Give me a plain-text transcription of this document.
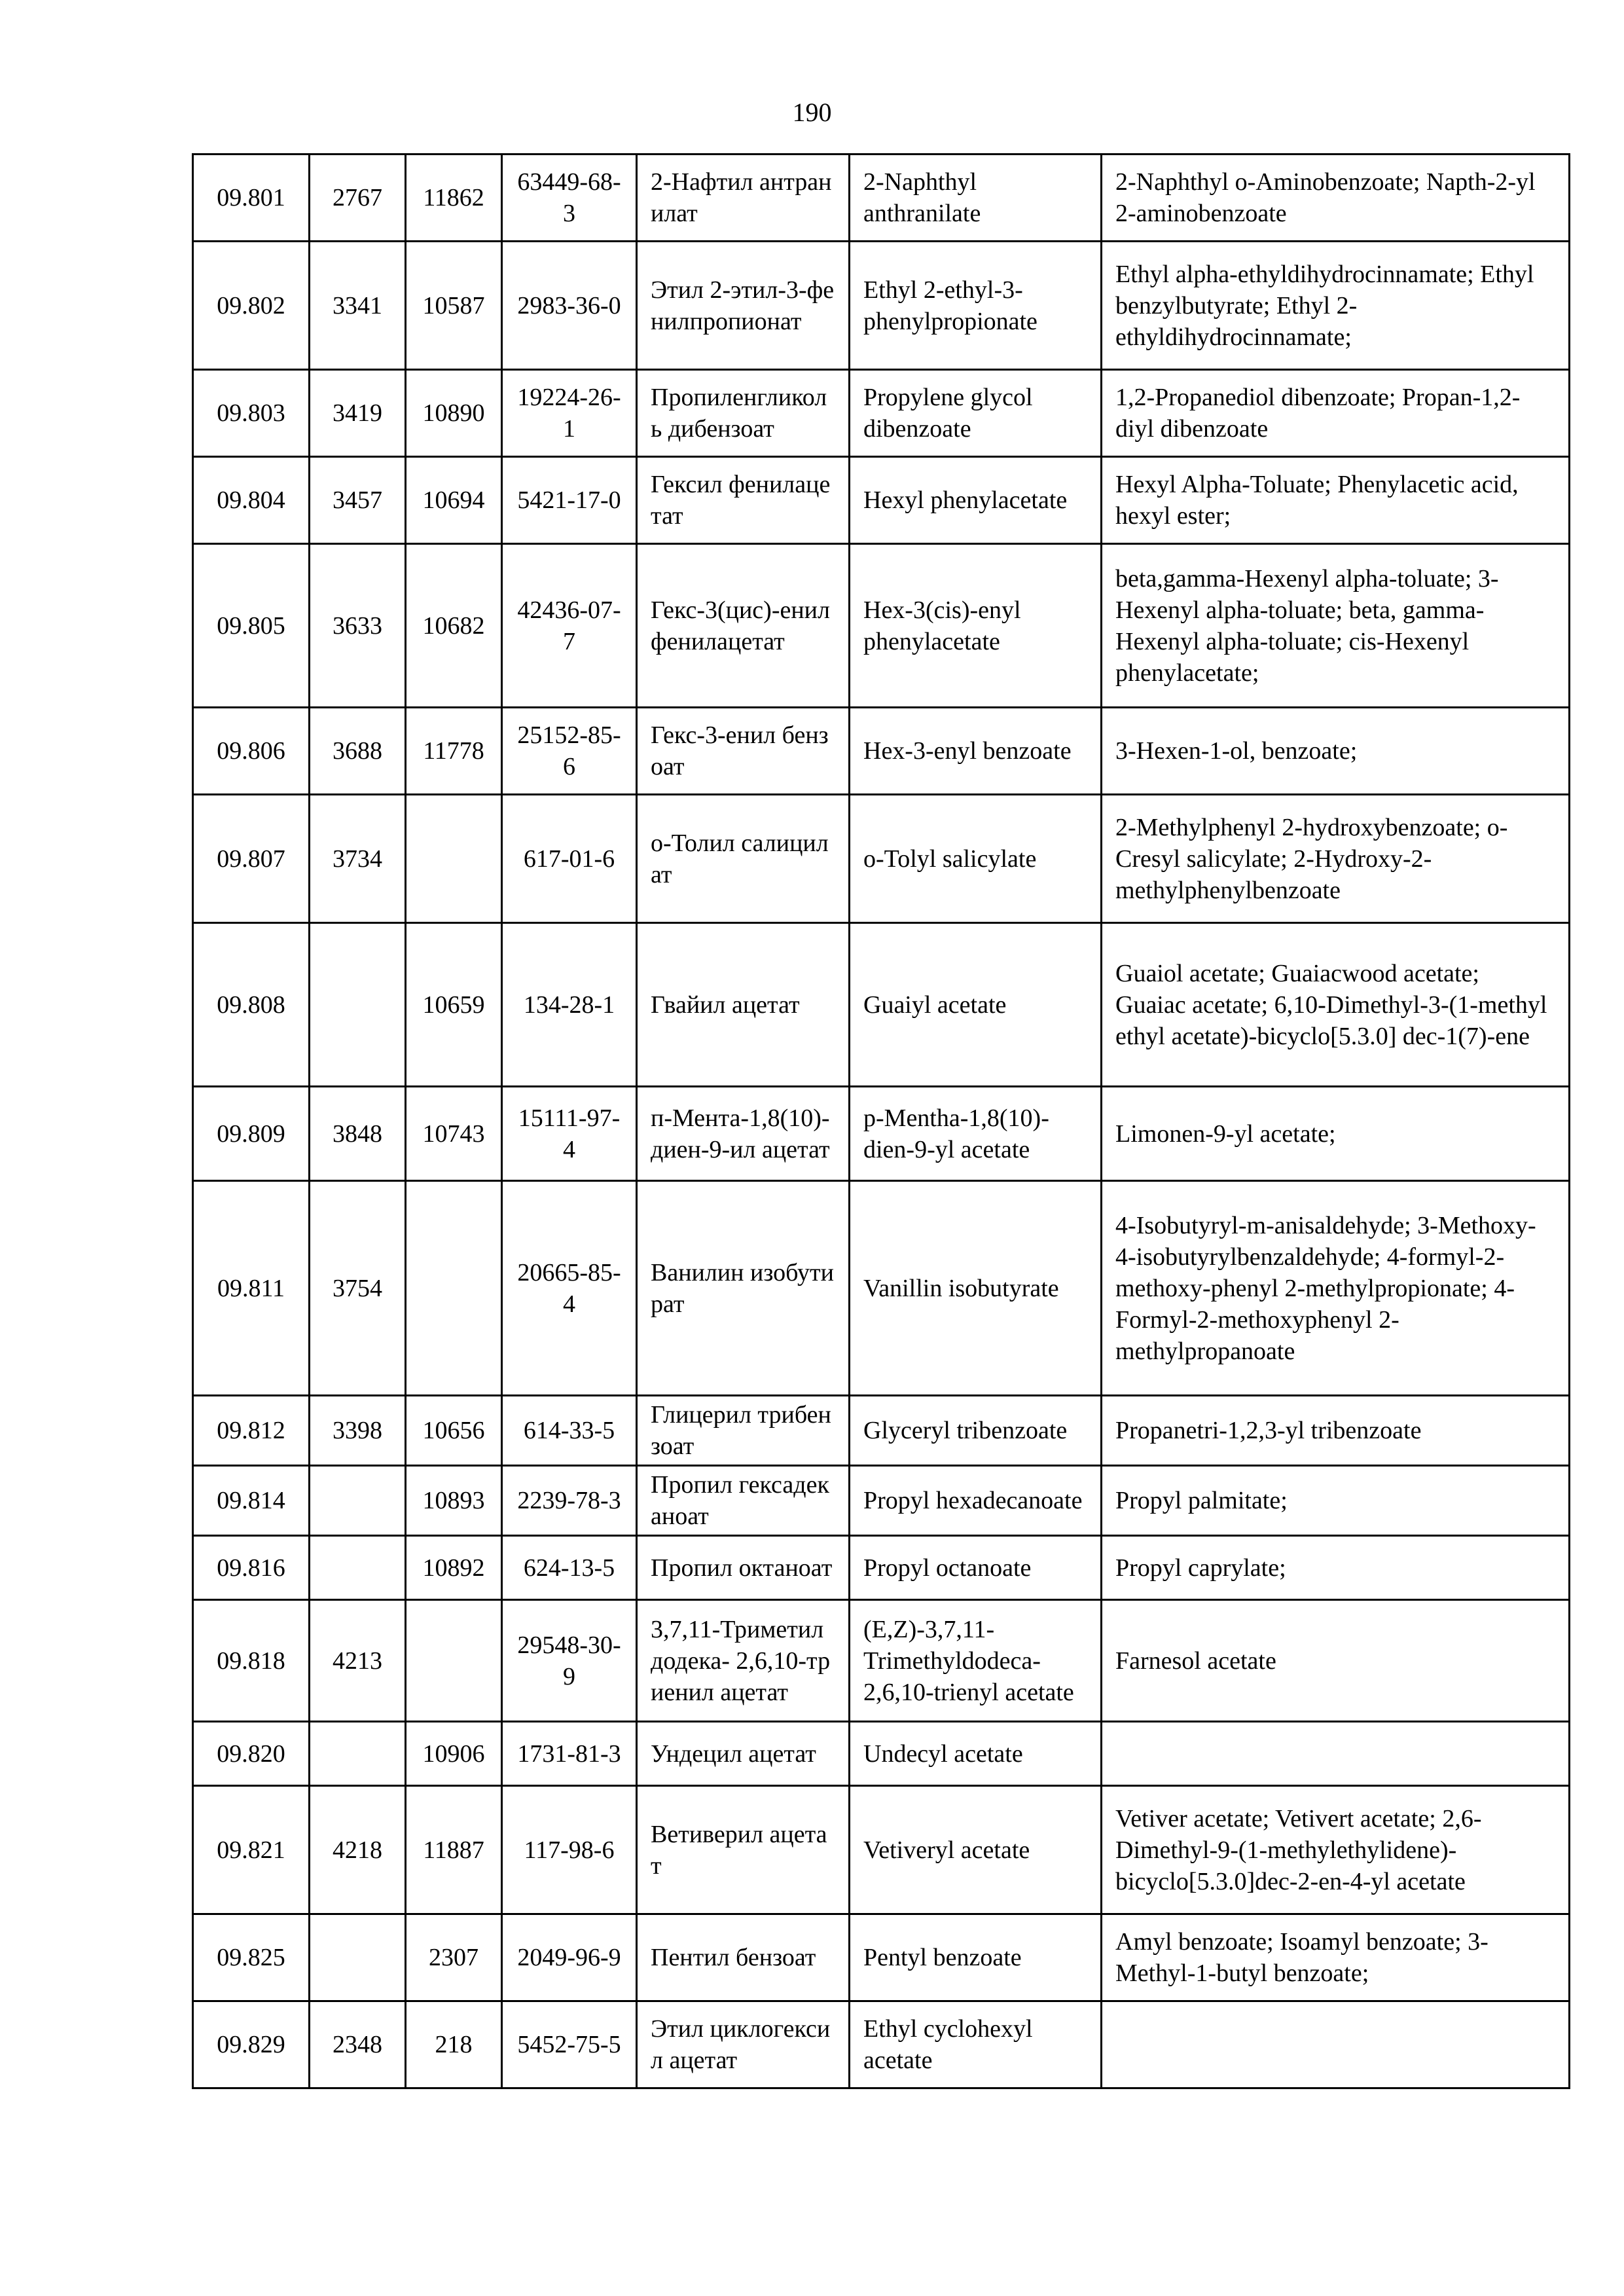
190
09.801	2767	11862	63449-68-3	2-Нафтил антранилат	2-Naphthyl anthranilate	2-Naphthyl o-Aminobenzoate; Napth-2-yl 2-aminobenzoate
09.802	3341	10587	2983-36-0	Этил 2-этил-3-фенилпропионат	Ethyl 2-ethyl-3-phenylpropionate	Ethyl alpha-ethyldihydrocinnamate; Ethyl benzylbutyrate; Ethyl 2-ethyldihydrocinnamate;
09.803	3419	10890	19224-26-1	Пропиленгликоль дибензоат	Propylene glycol dibenzoate	1,2-Propanediol dibenzoate; Propan-1,2-diyl dibenzoate
09.804	3457	10694	5421-17-0	Гексил фенилацетат	Hexyl phenylacetate	Hexyl Alpha-Toluate; Phenylacetic acid, hexyl ester;
09.805	3633	10682	42436-07-7	Гекс-3(цис)-енил фенилацетат	Hex-3(cis)-enyl phenylacetate	beta,gamma-Hexenyl alpha-toluate; 3-Hexenyl alpha-toluate; beta, gamma-Hexenyl alpha-toluate; cis-Hexenyl phenylacetate;
09.806	3688	11778	25152-85-6	Гекс-3-енил бензоат	Hex-3-enyl benzoate	3-Hexen-1-ol, benzoate;
09.807	3734		617-01-6	о-Толил салицилат	o-Tolyl salicylate	2-Methylphenyl 2-hydroxybenzoate; o-Cresyl salicylate; 2-Hydroxy-2-methylphenylbenzoate
09.808		10659	134-28-1	Гвайил ацетат	Guaiyl acetate	Guaiol acetate; Guaiacwood acetate; Guaiac acetate; 6,10-Dimethyl-3-(1-methyl ethyl acetate)-bicyclo[5.3.0] dec-1(7)-ene
09.809	3848	10743	15111-97-4	п-Мента-1,8(10)-диен-9-ил ацетат	p-Mentha-1,8(10)-dien-9-yl acetate	Limonen-9-yl acetate;
09.811	3754		20665-85-4	Ванилин изобутират	Vanillin isobutyrate	4-Isobutyryl-m-anisaldehyde; 3-Methoxy-4-isobutyrylbenzaldehyde; 4-formyl-2-methoxy-phenyl 2-methylpropionate; 4-Formyl-2-methoxyphenyl 2-methylpropanoate
09.812	3398	10656	614-33-5	Глицерил трибензоат	Glyceryl tribenzoate	Propanetri-1,2,3-yl tribenzoate
09.814		10893	2239-78-3	Пропил гексадеканоат	Propyl hexadecanoate	Propyl palmitate;
09.816		10892	624-13-5	Пропил октаноат	Propyl octanoate	Propyl caprylate;
09.818	4213		29548-30-9	3,7,11-Триметилдодека- 2,6,10-триенил ацетат	(E,Z)-3,7,11-Trimethyldodeca-2,6,10-trienyl acetate	Farnesol acetate
09.820		10906	1731-81-3	Ундецил ацетат	Undecyl acetate	
09.821	4218	11887	117-98-6	Ветиверил ацетат	Vetiveryl acetate	Vetiver acetate; Vetivert acetate; 2,6-Dimethyl-9-(1-methylethylidene)-bicyclo[5.3.0]dec-2-en-4-yl acetate
09.825		2307	2049-96-9	Пентил бензоат	Pentyl benzoate	Amyl benzoate; Isoamyl benzoate; 3-Methyl-1-butyl benzoate;
09.829	2348	218	5452-75-5	Этил циклогексил ацетат	Ethyl cyclohexyl acetate	
